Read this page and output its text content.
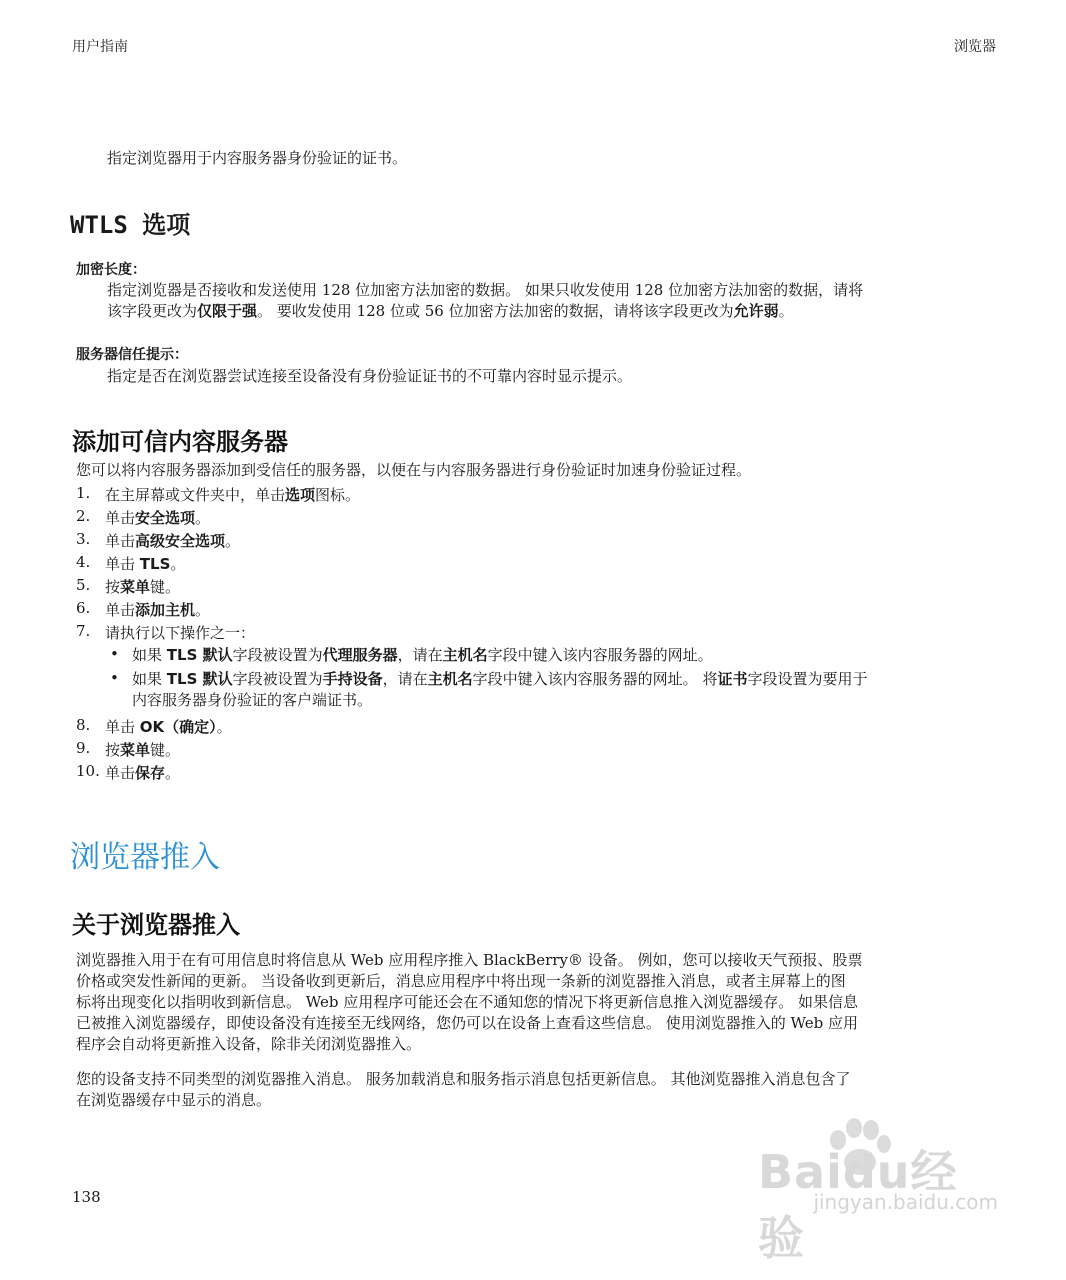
用户指南	浏览器
指定浏览器用于内容服务器身份验证的证书。
WTLS 选项
加密长度：
指定浏览器是否接收和发送使用 128 位加密方法加密的数据。 如果只收发使用 128 位加密方法加密的数据，请将
该字段更改为仅限于强。 要收发使用 128 位或 56 位加密方法加密的数据，请将该字段更改为允许弱。
服务器信任提示：
指定是否在浏览器尝试连接至设备没有身份验证证书的不可靠内容时显示提示。
添加可信内容服务器
您可以将内容服务器添加到受信任的服务器，以便在与内容服务器进行身份验证时加速身份验证过程。
1. 在主屏幕或文件夹中，单击选项图标。
2. 单击安全选项。
3. 单击高级安全选项。
4. 单击 TLS。
5. 按菜单键。
6. 单击添加主机。
7. 请执行以下操作之一：
• 如果 TLS 默认字段被设置为代理服务器，请在主机名字段中键入该内容服务器的网址。
• 如果 TLS 默认字段被设置为手持设备，请在主机名字段中键入该内容服务器的网址。 将证书字段设置为要用于
内容服务器身份验证的客户端证书。
8. 单击 OK（确定）。
9. 按菜单键。
10. 单击保存。
浏览器推入
关于浏览器推入
浏览器推入用于在有可用信息时将信息从 Web 应用程序推入 BlackBerry® 设备。 例如，您可以接收天气预报、股票
价格或突发性新闻的更新。 当设备收到更新后，消息应用程序中将出现一条新的浏览器推入消息，或者主屏幕上的图
标将出现变化以指明收到新信息。 Web 应用程序可能还会在不通知您的情况下将更新信息推入浏览器缓存。 如果信息
已被推入浏览器缓存，即使设备没有连接至无线网络，您仍可以在设备上查看这些信息。 使用浏览器推入的 Web 应用
程序会自动将更新推入设备，除非关闭浏览器推入。
您的设备支持不同类型的浏览器推入消息。 服务加载消息和服务指示消息包括更新信息。 其他浏览器推入消息包含了
在浏览器缓存中显示的消息。
138	Baidu经验
jingyan.baidu.com
